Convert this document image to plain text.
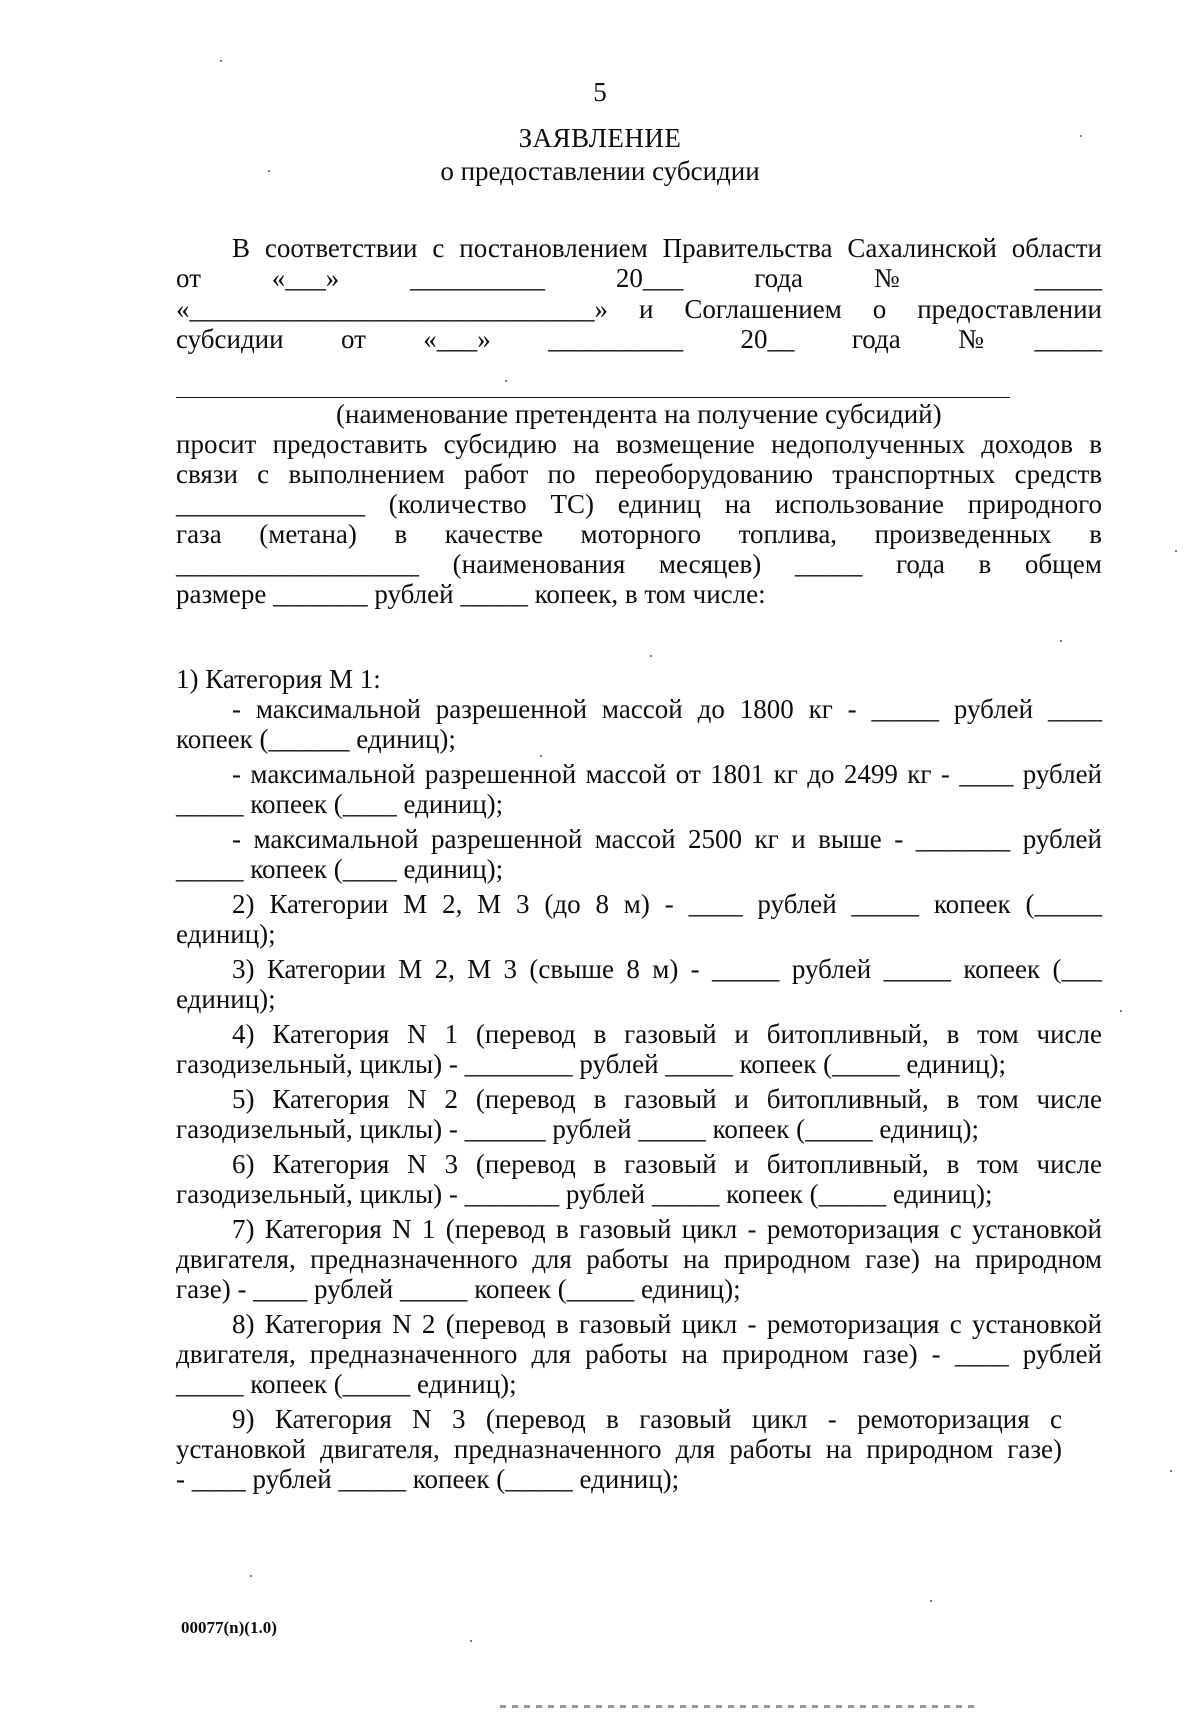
5
ЗАЯВЛЕНИЕ
о предоставлении субсидии
В соответствии с постановлением Правительства Сахалинской области
от «___» __________ 20___ года № _____
«______________________________» и Соглашением о предоставлении
субсидии от «___» __________ 20__ года №_____
(наименование претендента на получение субсидий)
просит предоставить субсидию на возмещение недополученных доходов в
связи с выполнением работ по переоборудованию транспортных средств
______________ (количество ТС) единиц на использование природного
газа (метана) в качестве моторного топлива, произведенных в
__________________ (наименования месяцев) _____ года в общем
размере _______ рублей _____ копеек, в том числе:
1) Категория М 1:
- максимальной разрешенной массой до 1800 кг - _____ рублей ____
копеек (______ единиц);
- максимальной разрешенной массой от 1801 кг до 2499 кг - ____ рублей
_____ копеек (____ единиц);
- максимальной разрешенной массой 2500 кг и выше - _______ рублей
_____ копеек (____ единиц);
2) Категории М 2, М 3 (до 8 м) - ____ рублей _____ копеек (_____
единиц);
3) Категории М 2, М 3 (свыше 8 м) - _____ рублей _____ копеек (___
единиц);
4) Категория N 1 (перевод в газовый и битопливный, в том числе
газодизельный, циклы) - ________ рублей _____ копеек (_____ единиц);
5) Категория N 2 (перевод в газовый и битопливный, в том числе
газодизельный, циклы) - ______ рублей _____ копеек (_____ единиц);
6) Категория N 3 (перевод в газовый и битопливный, в том числе
газодизельный, циклы) - _______ рублей _____ копеек (_____ единиц);
7) Категория N 1 (перевод в газовый цикл - ремоторизация с установкой
двигателя, предназначенного для работы на природном газе) на природном
газе) - ____ рублей _____ копеек (_____ единиц);
8) Категория N 2 (перевод в газовый цикл - ремоторизация с установкой
двигателя, предназначенного для работы на природном газе) - ____ рублей
_____ копеек (_____ единиц);
9) Категория N 3 (перевод в газовый цикл - ремоторизация с
установкой двигателя, предназначенного для работы на природном газе)
- ____ рублей _____ копеек (_____ единиц);
00077(n)(1.0)
